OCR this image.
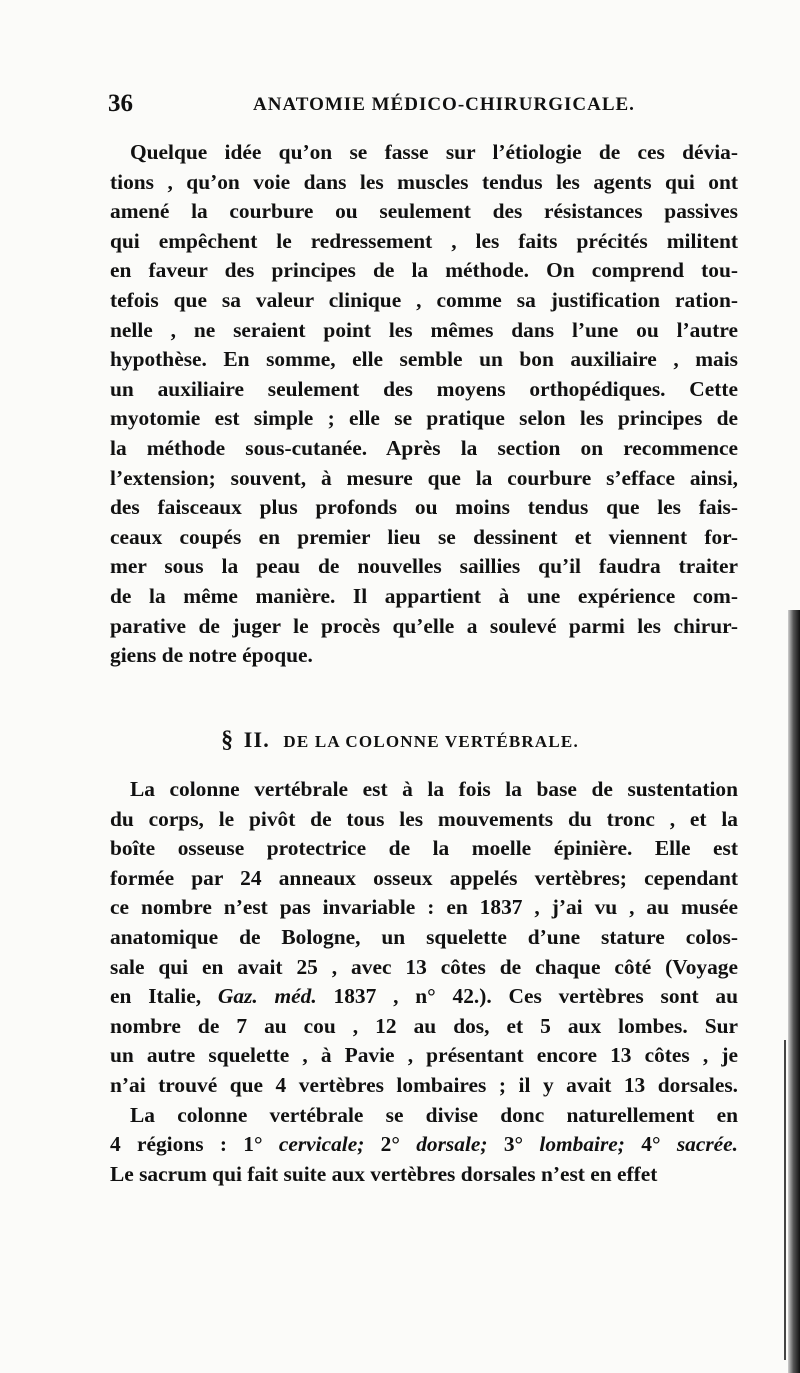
36	ANATOMIE MÉDICO-CHIRURGICALE.
Quelque idée qu’on se fasse sur l’étiologie de ces dévia-
tions , qu’on voie dans les muscles tendus les agents qui ont
amené la courbure ou seulement des résistances passives
qui empêchent le redressement , les faits précités militent
en faveur des principes de la méthode. On comprend tou-
tefois que sa valeur clinique , comme sa justification ration-
nelle , ne seraient point les mêmes dans l’une ou l’autre
hypothèse. En somme, elle semble un bon auxiliaire , mais
un auxiliaire seulement des moyens orthopédiques. Cette
myotomie est simple ; elle se pratique selon les principes de
la méthode sous-cutanée. Après la section on recommence
l’extension; souvent, à mesure que la courbure s’efface ainsi,
des faisceaux plus profonds ou moins tendus que les fais-
ceaux coupés en premier lieu se dessinent et viennent for-
mer sous la peau de nouvelles saillies qu’il faudra traiter
de la même manière. Il appartient à une expérience com-
parative de juger le procès qu’elle a soulevé parmi les chirur-
giens de notre époque.
§ II. DE LA COLONNE VERTÉBRALE.
La colonne vertébrale est à la fois la base de sustentation
du corps, le pivôt de tous les mouvements du tronc , et la
boîte osseuse protectrice de la moelle épinière. Elle est
formée par 24 anneaux osseux appelés vertèbres; cependant
ce nombre n’est pas invariable : en 1837 , j’ai vu , au musée
anatomique de Bologne, un squelette d’une stature colos-
sale qui en avait 25 , avec 13 côtes de chaque côté (Voyage
en Italie, Gaz. méd. 1837 , n° 42.). Ces vertèbres sont au
nombre de 7 au cou , 12 au dos, et 5 aux lombes. Sur
un autre squelette , à Pavie , présentant encore 13 côtes , je
n’ai trouvé que 4 vertèbres lombaires ; il y avait 13 dorsales.
La colonne vertébrale se divise donc naturellement en
4 régions : 1° cervicale; 2° dorsale; 3° lombaire; 4° sacrée.
Le sacrum qui fait suite aux vertèbres dorsales n’est en effet
